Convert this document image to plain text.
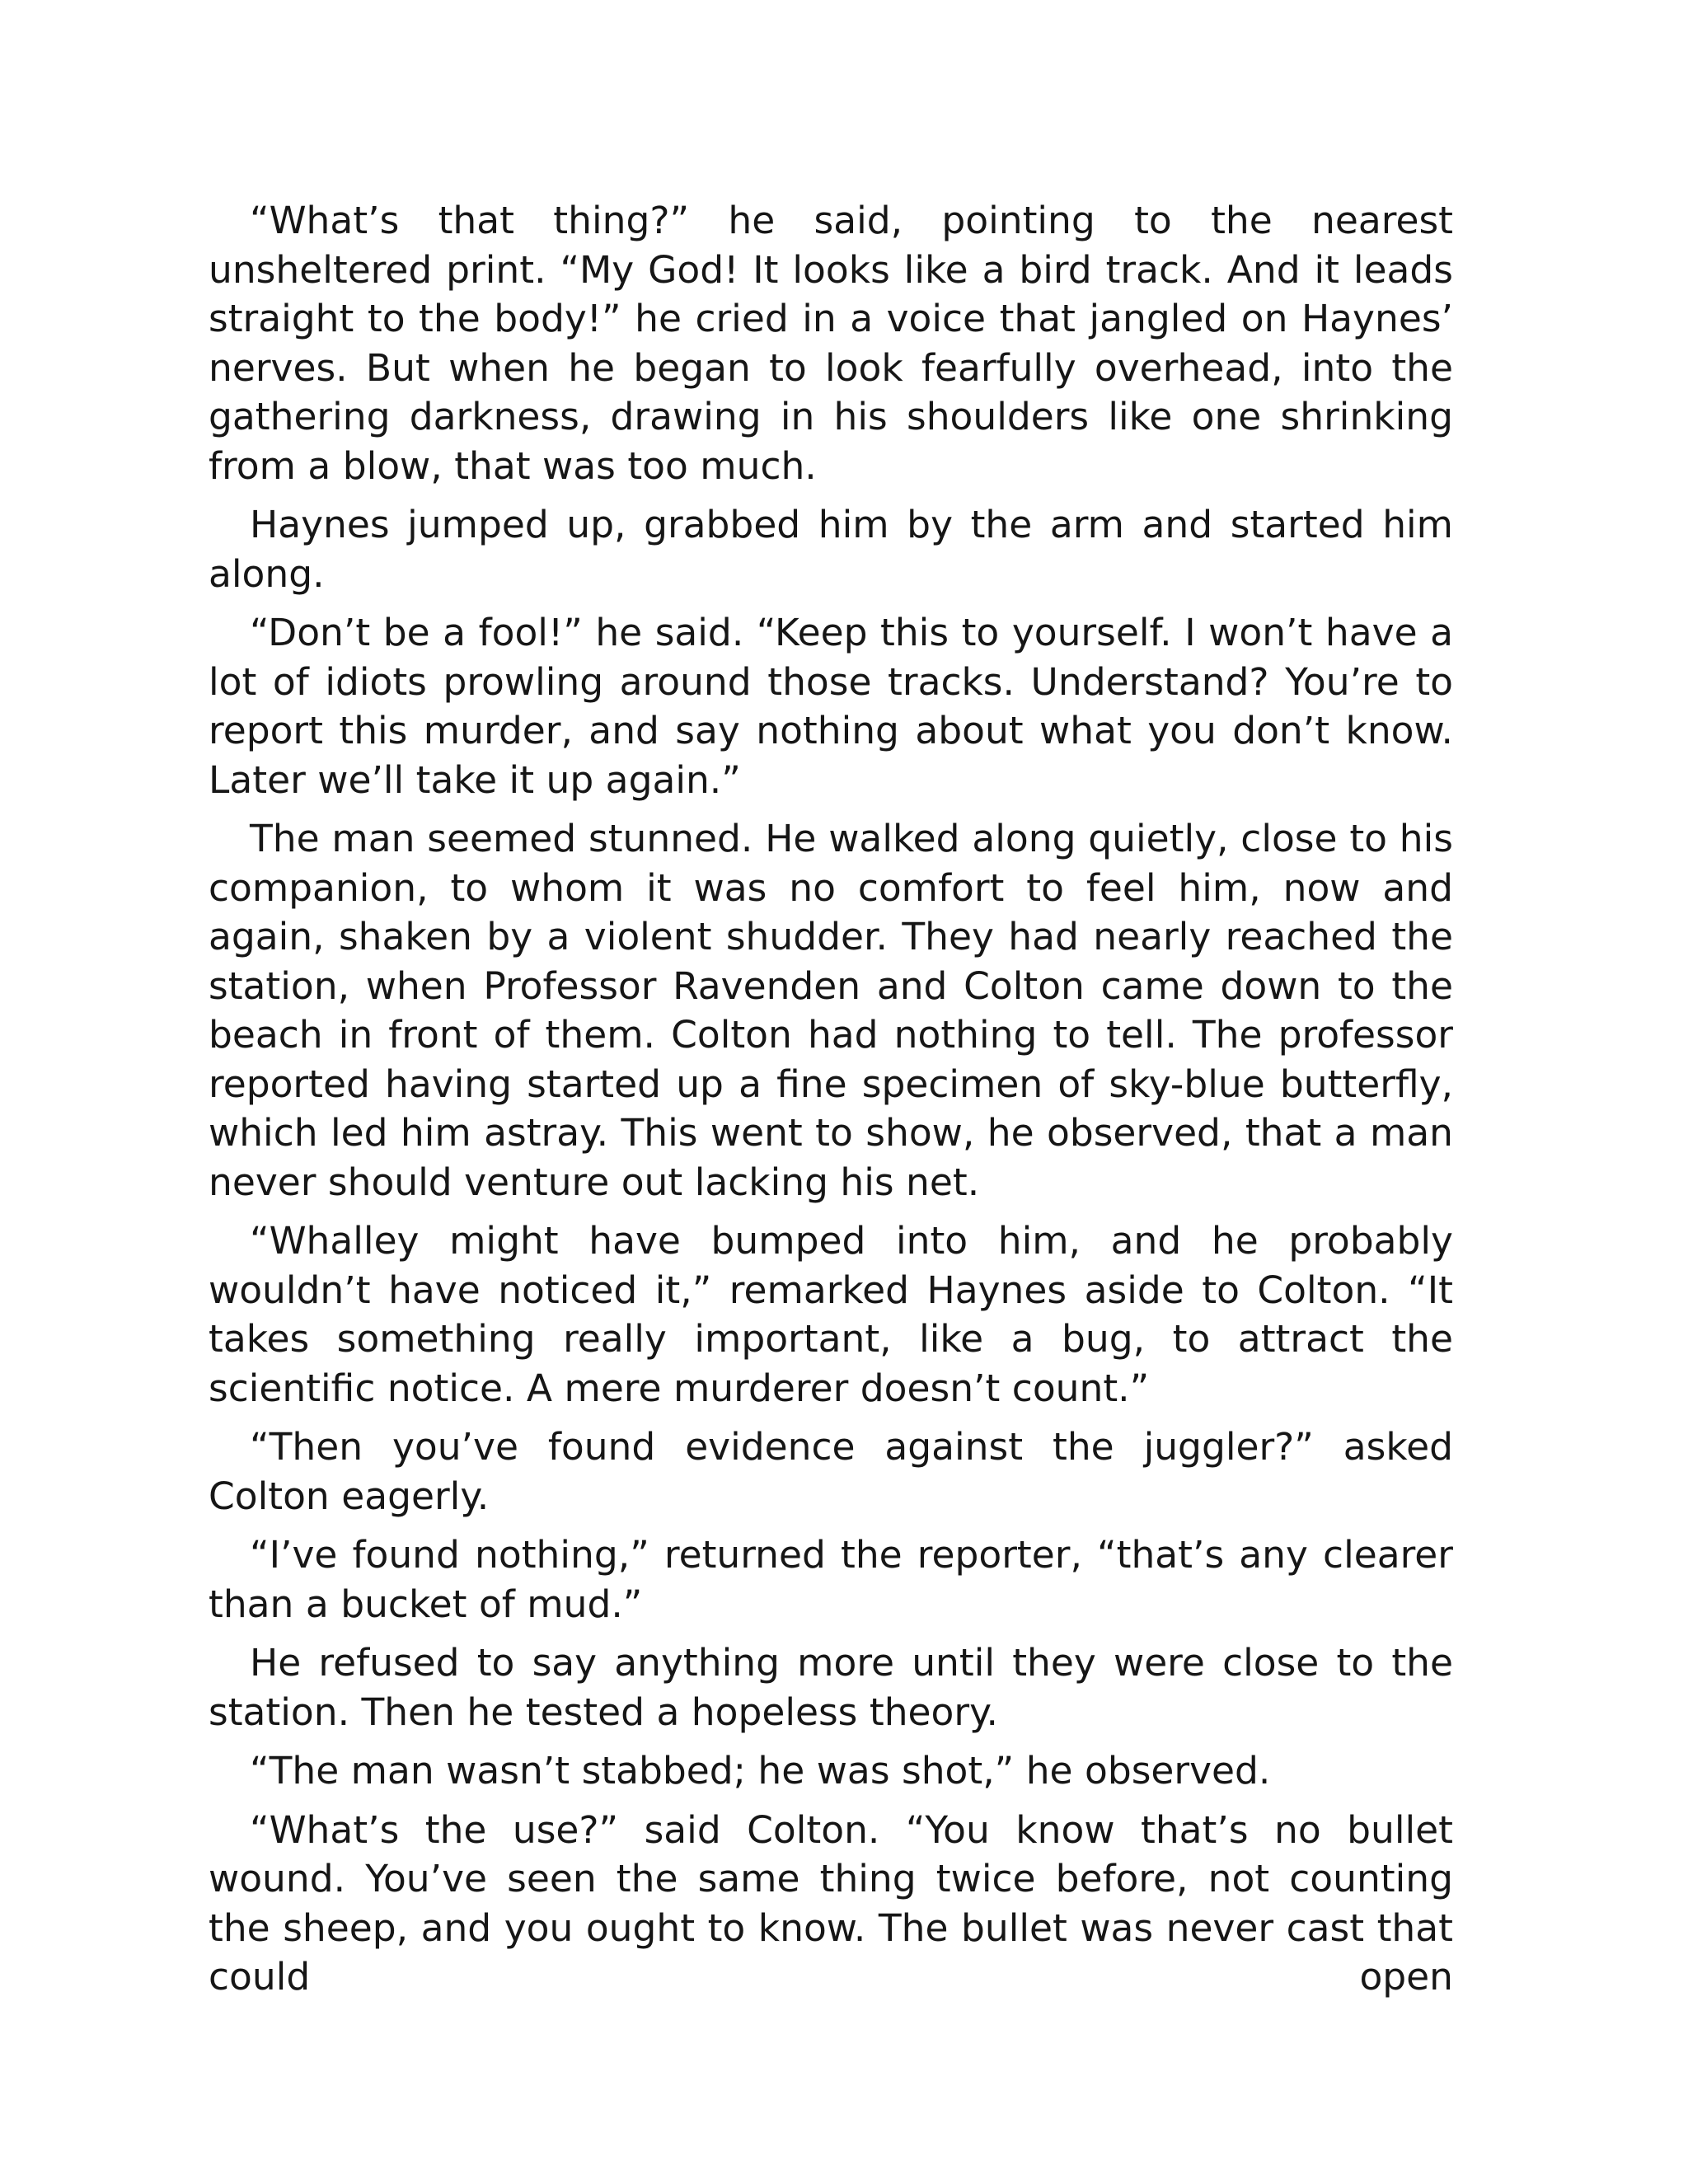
“What’s that thing?” he said, pointing to the nearest unsheltered print. “My God! It looks like a bird track. And it leads straight to the body!” he cried in a voice that jangled on Haynes’ nerves. But when he began to look fearfully overhead, into the gathering darkness, drawing in his shoulders like one shrinking from a blow, that was too much.

Haynes jumped up, grabbed him by the arm and started him along.

“Don’t be a fool!” he said. “Keep this to yourself. I won’t have a lot of idiots prowling around those tracks. Understand? You’re to report this murder, and say nothing about what you don’t know. Later we’ll take it up again.”

The man seemed stunned. He walked along quietly, close to his companion, to whom it was no comfort to feel him, now and again, shaken by a violent shudder. They had nearly reached the station, when Professor Ravenden and Colton came down to the beach in front of them. Colton had nothing to tell. The professor reported having started up a fine specimen of sky-blue butterfly, which led him astray. This went to show, he observed, that a man never should venture out lacking his net.

“Whalley might have bumped into him, and he probably wouldn’t have noticed it,” remarked Haynes aside to Colton. “It takes something really important, like a bug, to attract the scientific notice. A mere murderer doesn’t count.”

“Then you’ve found evidence against the juggler?” asked Colton eagerly.

“I’ve found nothing,” returned the reporter, “that’s any clearer than a bucket of mud.”

He refused to say anything more until they were close to the station. Then he tested a hopeless theory.

“The man wasn’t stabbed; he was shot,” he observed.

“What’s the use?” said Colton. “You know that’s no bullet wound. You’ve seen the same thing twice before, not counting the sheep, and you ought to know. The bullet was never cast that could open
